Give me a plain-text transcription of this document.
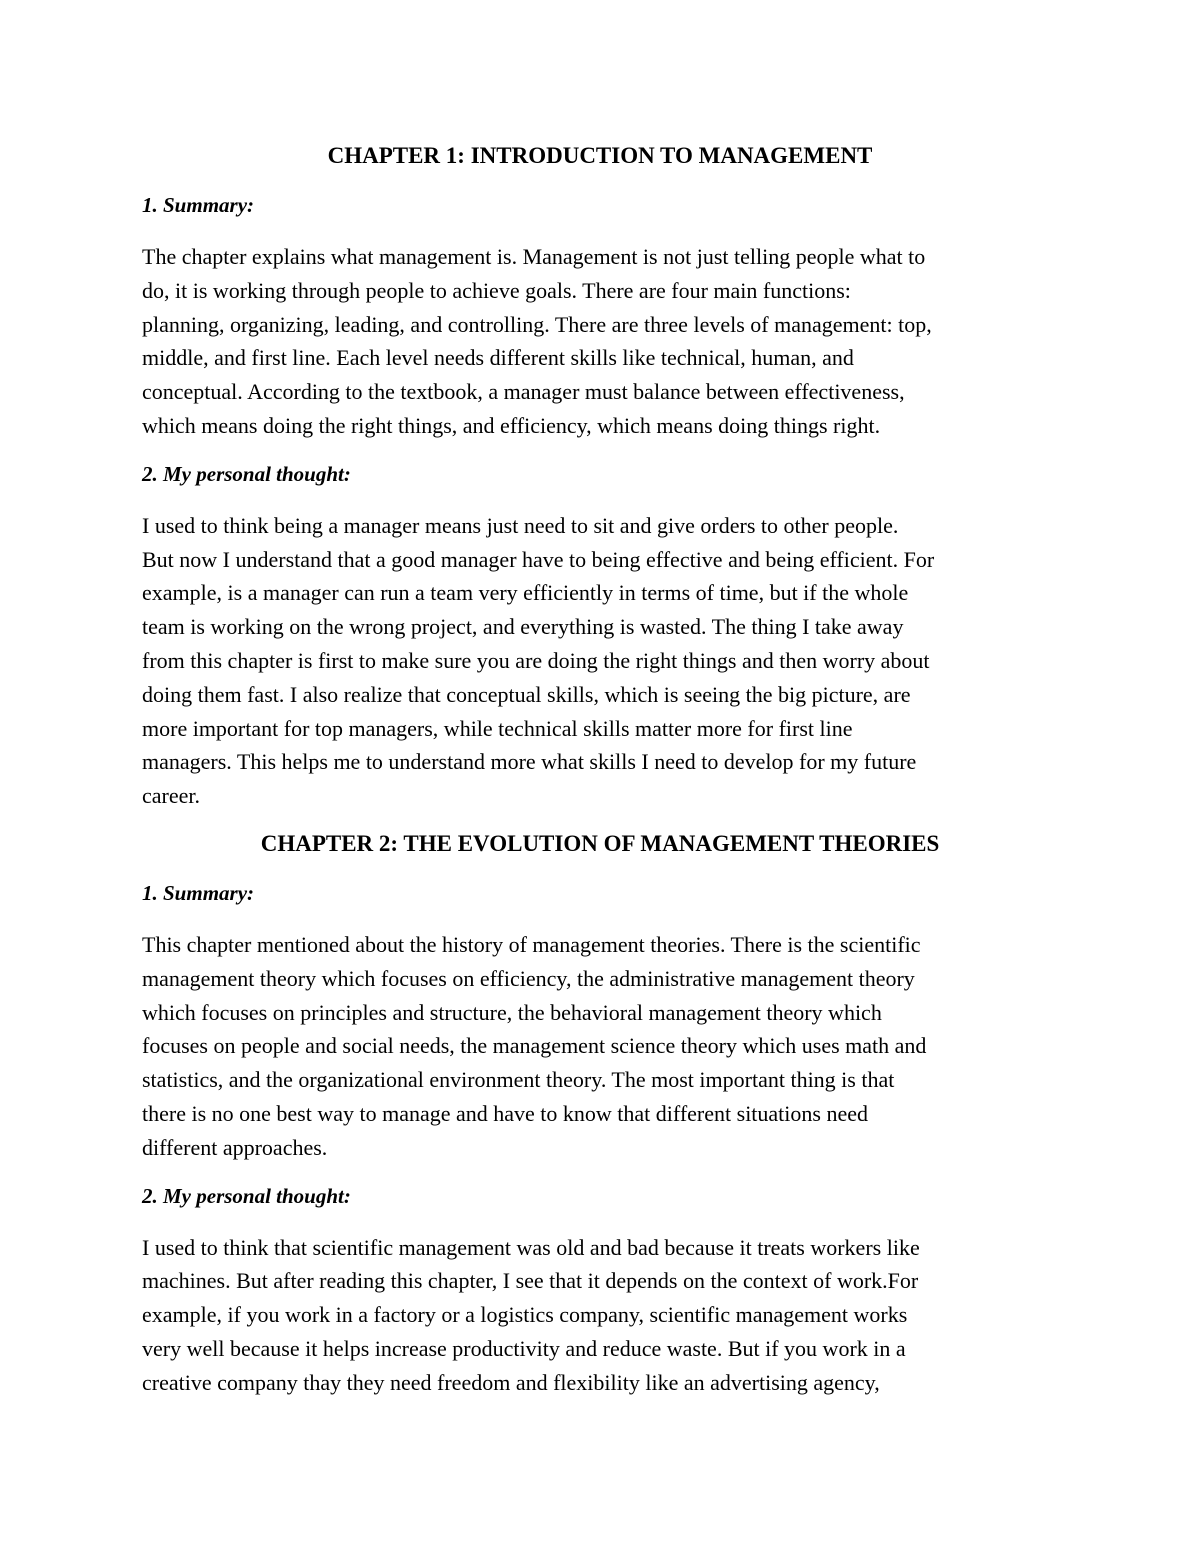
CHAPTER 1: INTRODUCTION TO MANAGEMENT
1. Summary:
The chapter explains what management is. Management is not just telling people what to
do, it is working through people to achieve goals. There are four main functions:
planning, organizing, leading, and controlling. There are three levels of management: top,
middle, and first line. Each level needs different skills like technical, human, and
conceptual. According to the textbook, a manager must balance between effectiveness,
which means doing the right things, and efficiency, which means doing things right.
2. My personal thought:
I used to think being a manager means just need to sit and give orders to other people.
But now I understand that a good manager have to being effective and being efficient. For
example, is a manager can run a team very efficiently in terms of time, but if the whole
team is working on the wrong project, and everything is wasted. The thing I take away
from this chapter is first to make sure you are doing the right things and then worry about
doing them fast. I also realize that conceptual skills, which is seeing the big picture, are
more important for top managers, while technical skills matter more for first line
managers. This helps me to understand more what skills I need to develop for my future
career.
CHAPTER 2: THE EVOLUTION OF MANAGEMENT THEORIES
1. Summary:
This chapter mentioned about the history of management theories. There is the scientific
management theory which focuses on efficiency, the administrative management theory
which focuses on principles and structure, the behavioral management theory which
focuses on people and social needs, the management science theory which uses math and
statistics, and the organizational environment theory. The most important thing is that
there is no one best way to manage and have to know that different situations need
different approaches.
2. My personal thought:
I used to think that scientific management was old and bad because it treats workers like
machines. But after reading this chapter, I see that it depends on the context of work.For
example, if you work in a factory or a logistics company, scientific management works
very well because it helps increase productivity and reduce waste. But if you work in a
creative company thay they need freedom and flexibility like an advertising agency,
